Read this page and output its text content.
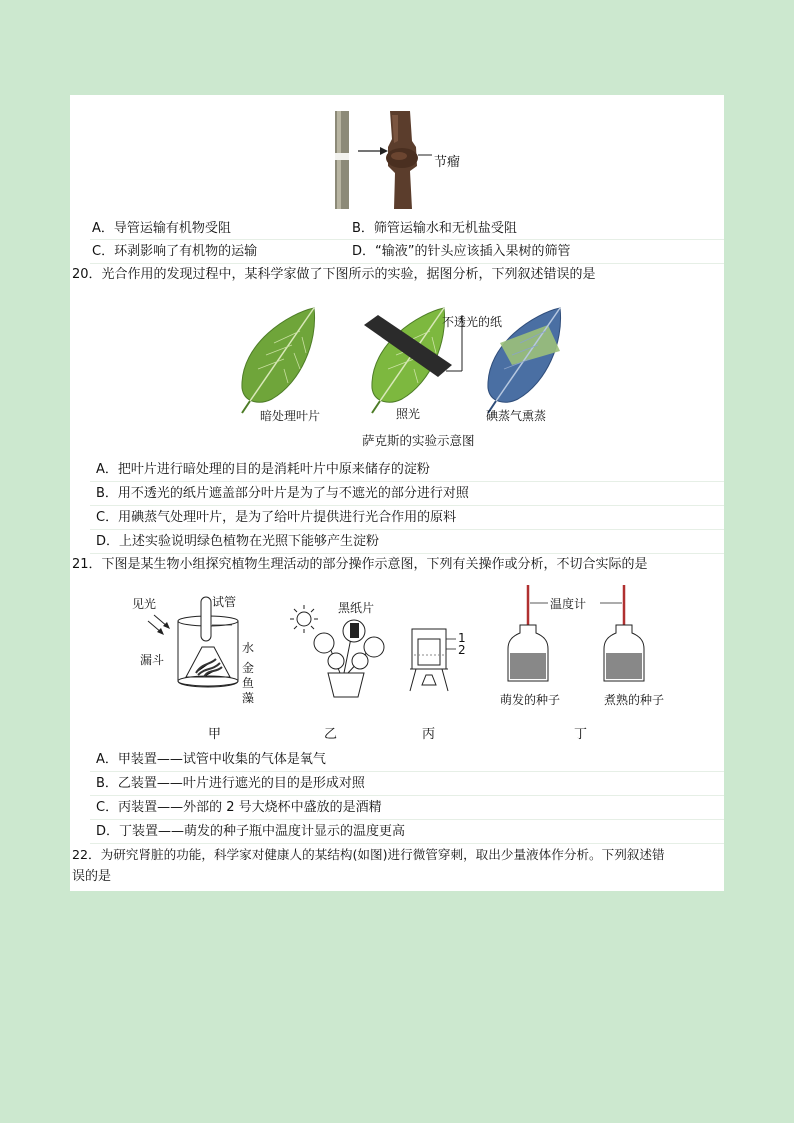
节瘤
A．导管运输有机物受阻	B．筛管运输水和无机盐受阻
C．环剥影响了有机物的运输	D．“输液”的针头应该插入果树的筛管
20．光合作用的发现过程中，某科学家做了下图所示的实验，据图分析，下列叙述错误的是
不透光的纸
暗处理叶片	照光	碘蒸气熏蒸
萨克斯的实验示意图
A．把叶片进行暗处理的目的是消耗叶片中原来储存的淀粉
B．用不透光的纸片遮盖部分叶片是为了与不遮光的部分进行对照
C．用碘蒸气处理叶片，是为了给叶片提供进行光合作用的原料
D．上述实验说明绿色植物在光照下能够产生淀粉
21．下图是某生物小组探究植物生理活动的部分操作示意图，下列有关操作或分析，不切合实际的是
见光	试管
水
漏斗
金鱼藻
黑纸片
1
2
温度计
萌发的种子	煮熟的种子
甲	乙	丙	丁
A．甲装置——试管中收集的气体是氧气
B．乙装置——叶片进行遮光的目的是形成对照
C．丙装置——外部的 2 号大烧杯中盛放的是酒精
D．丁装置——萌发的种子瓶中温度计显示的温度更高
22．为研究肾脏的功能，科学家对健康人的某结构(如图)进行微管穿刺，取出少量液体作分析。下列叙述错
误的是
